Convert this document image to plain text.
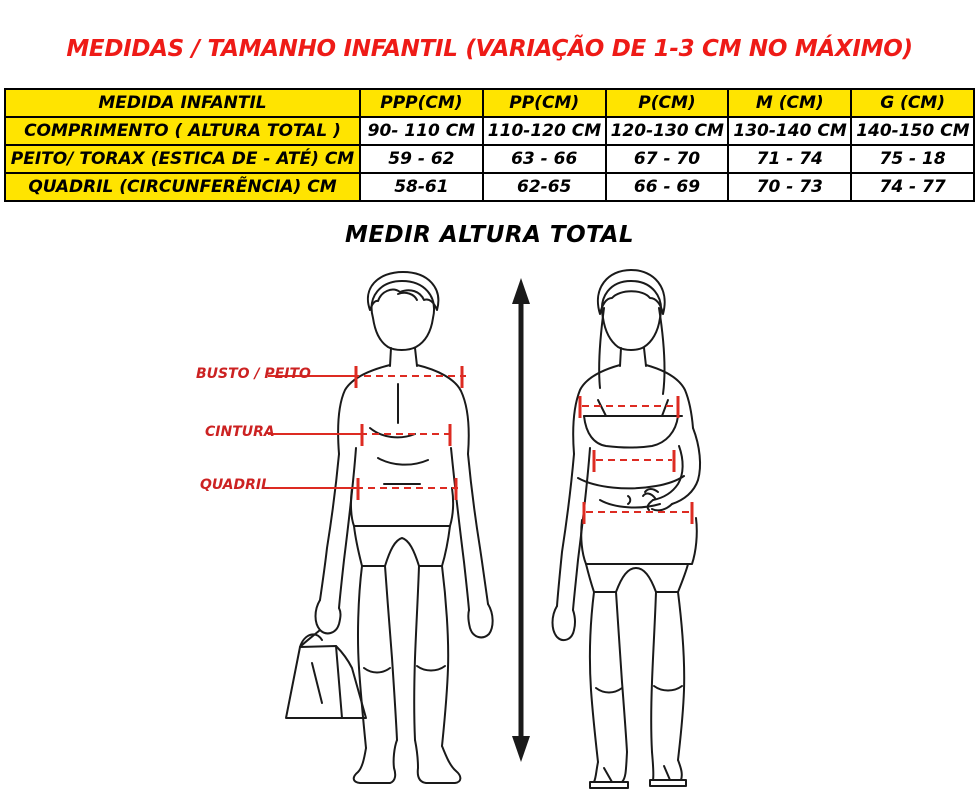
MEDIDAS / TAMANHO INFANTIL (VARIAÇÃO DE 1-3 CM NO MÁXIMO)
MEDIDA INFANTIL	PPP(CM)	PP(CM)	P(CM)	M (CM)	G (CM)
COMPRIMENTO ( ALTURA TOTAL )	90- 110 CM	110-120 CM	120-130 CM	130-140 CM	140-150 CM
PEITO/ TORAX (ESTICA DE - ATÉ) CM	59 - 62	63 - 66	67 - 70	71 - 74	75 - 18
QUADRIL (CIRCUNFERẼNCIA) CM	58-61	62-65	66 - 69	70 - 73	74 - 77
MEDIR ALTURA TOTAL
BUSTO / PEITO
CINTURA
QUADRIL
